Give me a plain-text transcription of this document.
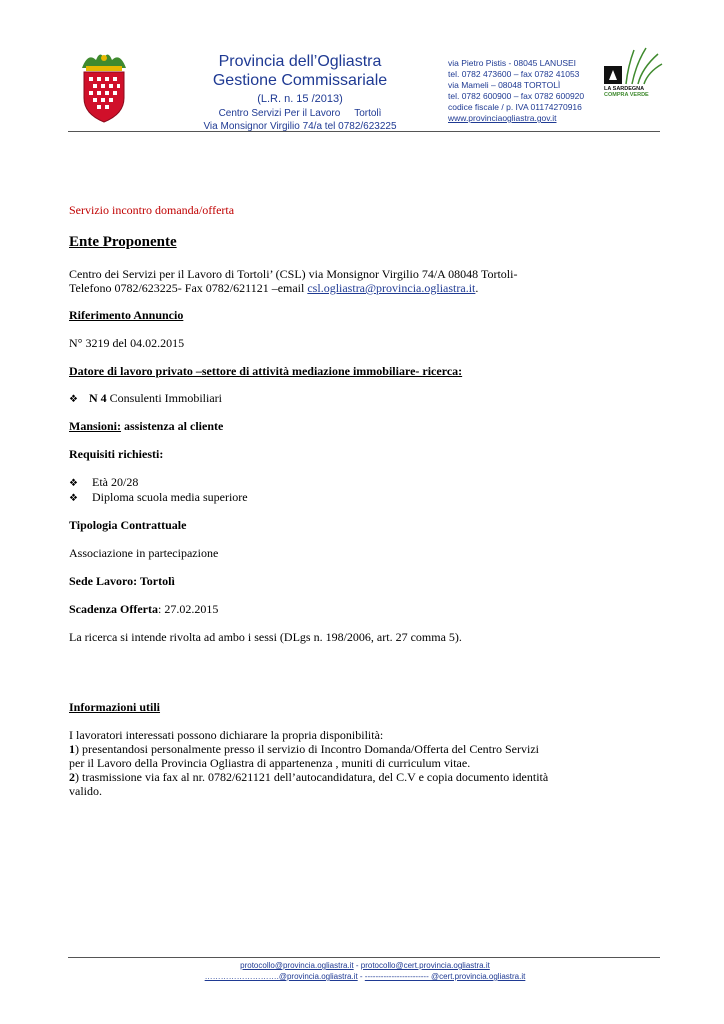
Provincia dell’Ogliastra
Gestione Commissariale
(L.R. n. 15 /2013)
Centro Servizi Per il Lavoro Tortolì
Via Monsignor Virgilio 74/a tel 0782/623225
via Pietro Pistis - 08045 LANUSEI
tel. 0782 473600 – fax 0782 41053
via Mameli – 08048 TORTOLÌ
tel. 0782 600900 – fax 0782 600920
codice fiscale / p. IVA 01174270916
www.provinciaogliastra.gov.it
LA SARDEGNA
COMPRA VERDE
Servizio incontro domanda/offerta
Ente Proponente
Centro dei Servizi per il Lavoro di Tortoli’ (CSL) via Monsignor Virgilio 74/A 08048 Tortoli-
Telefono 0782/623225- Fax 0782/621121 –email csl.ogliastra@provincia.ogliastra.it.
Riferimento Annuncio
N° 3219 del 04.02.2015
Datore di lavoro privato –settore di attività mediazione immobiliare- ricerca:
❖ N 4 Consulenti Immobiliari
Mansioni: assistenza al cliente
Requisiti richiesti:
❖ Età 20/28
❖ Diploma scuola media superiore
Tipologia Contrattuale
Associazione in partecipazione
Sede Lavoro: Tortolì
Scadenza Offerta: 27.02.2015
La ricerca si intende rivolta ad ambo i sessi (DLgs n. 198/2006, art. 27 comma 5).
Informazioni utili
I lavoratori interessati possono dichiarare la propria disponibilità:
1) presentandosi personalmente presso il servizio di Incontro Domanda/Offerta del Centro Servizi
per il Lavoro della Provincia Ogliastra di appartenenza , muniti di curriculum vitae.
2) trasmissione via fax al nr. 0782/621121 dell’autocandidatura, del C.V e copia documento identità
valido.
protocollo@provincia.ogliastra.it - protocollo@cert.provincia.ogliastra.it
……………………….@provincia.ogliastra.it - ------------------------ @cert.provincia.ogliastra.it
